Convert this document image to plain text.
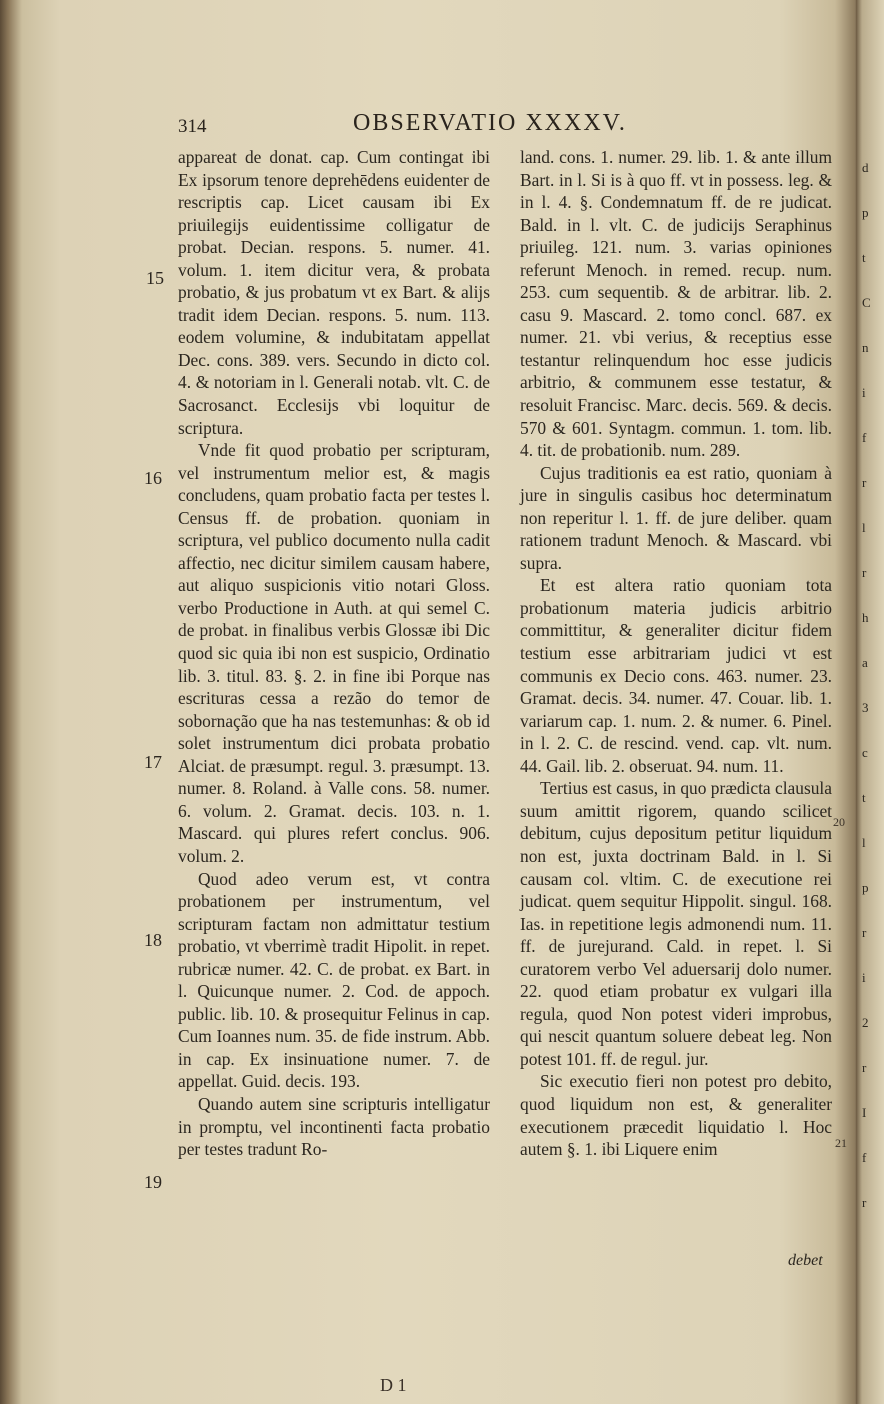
314	OBSERVATIO XXXXV.
15
16
17
18
19

appareat de donat. cap. Cum contingat ibi Ex ipsorum tenore deprehēdens euidenter de rescriptis cap. Licet causam ibi Ex priuilegijs euidentissime colligatur de probat. Decian. respons. 5. numer. 41. volum. 1. item dicitur vera, & probata probatio, & jus probatum vt ex Bart. & alijs tradit idem Decian. respons. 5. num. 113. eodem volumine, & indubitatam appellat Dec. cons. 389. vers. Secundo in dicto col. 4. & notoriam in l. Generali notab. vlt. C. de Sacrosanct. Ecclesijs vbi loquitur de scriptura.

Vnde fit quod probatio per scripturam, vel instrumentum melior est, & magis concludens, quam probatio facta per testes l. Census ff. de probation. quoniam in scriptura, vel publico documento nulla cadit affectio, nec dicitur similem causam habere, aut aliquo suspicionis vitio notari Gloss. verbo Productione in Auth. at qui semel C. de probat. in finalibus verbis Glossæ ibi Dic quod sic quia ibi non est suspicio, Ordinatio lib. 3. titul. 83. §. 2. in fine ibi Porque nas escrituras cessa a rezão do temor de sobornação que ha nas testemunhas: & ob id solet instrumentum dici probata probatio Alciat. de præsumpt. regul. 3. præsumpt. 13. numer. 8. Roland. à Valle cons. 58. numer. 6. volum. 2. Gramat. decis. 103. n. 1. Mascard. qui plures refert conclus. 906. volum. 2.

Quod adeo verum est, vt contra probationem per instrumentum, vel scripturam factam non admittatur testium probatio, vt vberrimè tradit Hipolit. in repet. rubricæ numer. 42. C. de probat. ex Bart. in l. Quicunque numer. 2. Cod. de appoch. public. lib. 10. & prosequitur Felinus in cap. Cum Ioannes num. 35. de fide instrum. Abb. in cap. Ex insinuatione numer. 7. de appellat. Guid. decis. 193.

Quando autem sine scripturis intelligatur in promptu, vel incontinenti facta probatio per testes tradunt Ro-

land. cons. 1. numer. 29. lib. 1. & ante illum Bart. in l. Si is à quo ff. vt in possess. leg. & in l. 4. §. Condemnatum ff. de re judicat. Bald. in l. vlt. C. de judicijs Seraphinus priuileg. 121. num. 3. varias opiniones referunt Menoch. in remed. recup. num. 253. cum sequentib. & de arbitrar. lib. 2. casu 9. Mascard. 2. tomo concl. 687. ex numer. 21. vbi verius, & receptius esse testantur relinquendum hoc esse judicis arbitrio, & communem esse testatur, & resoluit Francisc. Marc. decis. 569. & decis. 570 & 601. Syntagm. commun. 1. tom. lib. 4. tit. de probationib. num. 289.

Cujus traditionis ea est ratio, quoniam à jure in singulis casibus hoc determinatum non reperitur l. 1. ff. de jure deliber. quam rationem tradunt Menoch. & Mascard. vbi supra.

Et est altera ratio quoniam tota probationum materia judicis arbitrio committitur, & generaliter dicitur fidem testium esse arbitrariam judici vt est communis ex Decio cons. 463. numer. 23. Gramat. decis. 34. numer. 47. Couar. lib. 1. variarum cap. 1. num. 2. & numer. 6. Pinel. in l. 2. C. de rescind. vend. cap. vlt. num. 44. Gail. lib. 2. obseruat. 94. num. 11.

Tertius est casus, in quo prædicta clausula suum amittit rigorem, quando scilicet debitum, cujus depositum petitur liquidum non est, juxta doctrinam Bald. in l. Si causam col. vltim. C. de executione rei judicat. quem sequitur Hippolit. singul. 168. Ias. in repetitione legis admonendi num. 11. ff. de jurejurand. Cald. in repet. l. Si curatorem verbo Vel aduersarij dolo numer. 22. quod etiam probatur ex vulgari illa regula, quod Non potest videri improbus, qui nescit quantum soluere debeat leg. Non potest 101. ff. de regul. jur.

Sic executio fieri non potest pro debito, quod liquidum non est, & generaliter executionem præcedit liquidatio l. Hoc autem §. 1. ibi Liquere enim

20
21
debet
D 1
d
p
t
C
n
i
f
r
l
r
h
a
3
c
t
l
p
r
i
2
r
I
f
r
